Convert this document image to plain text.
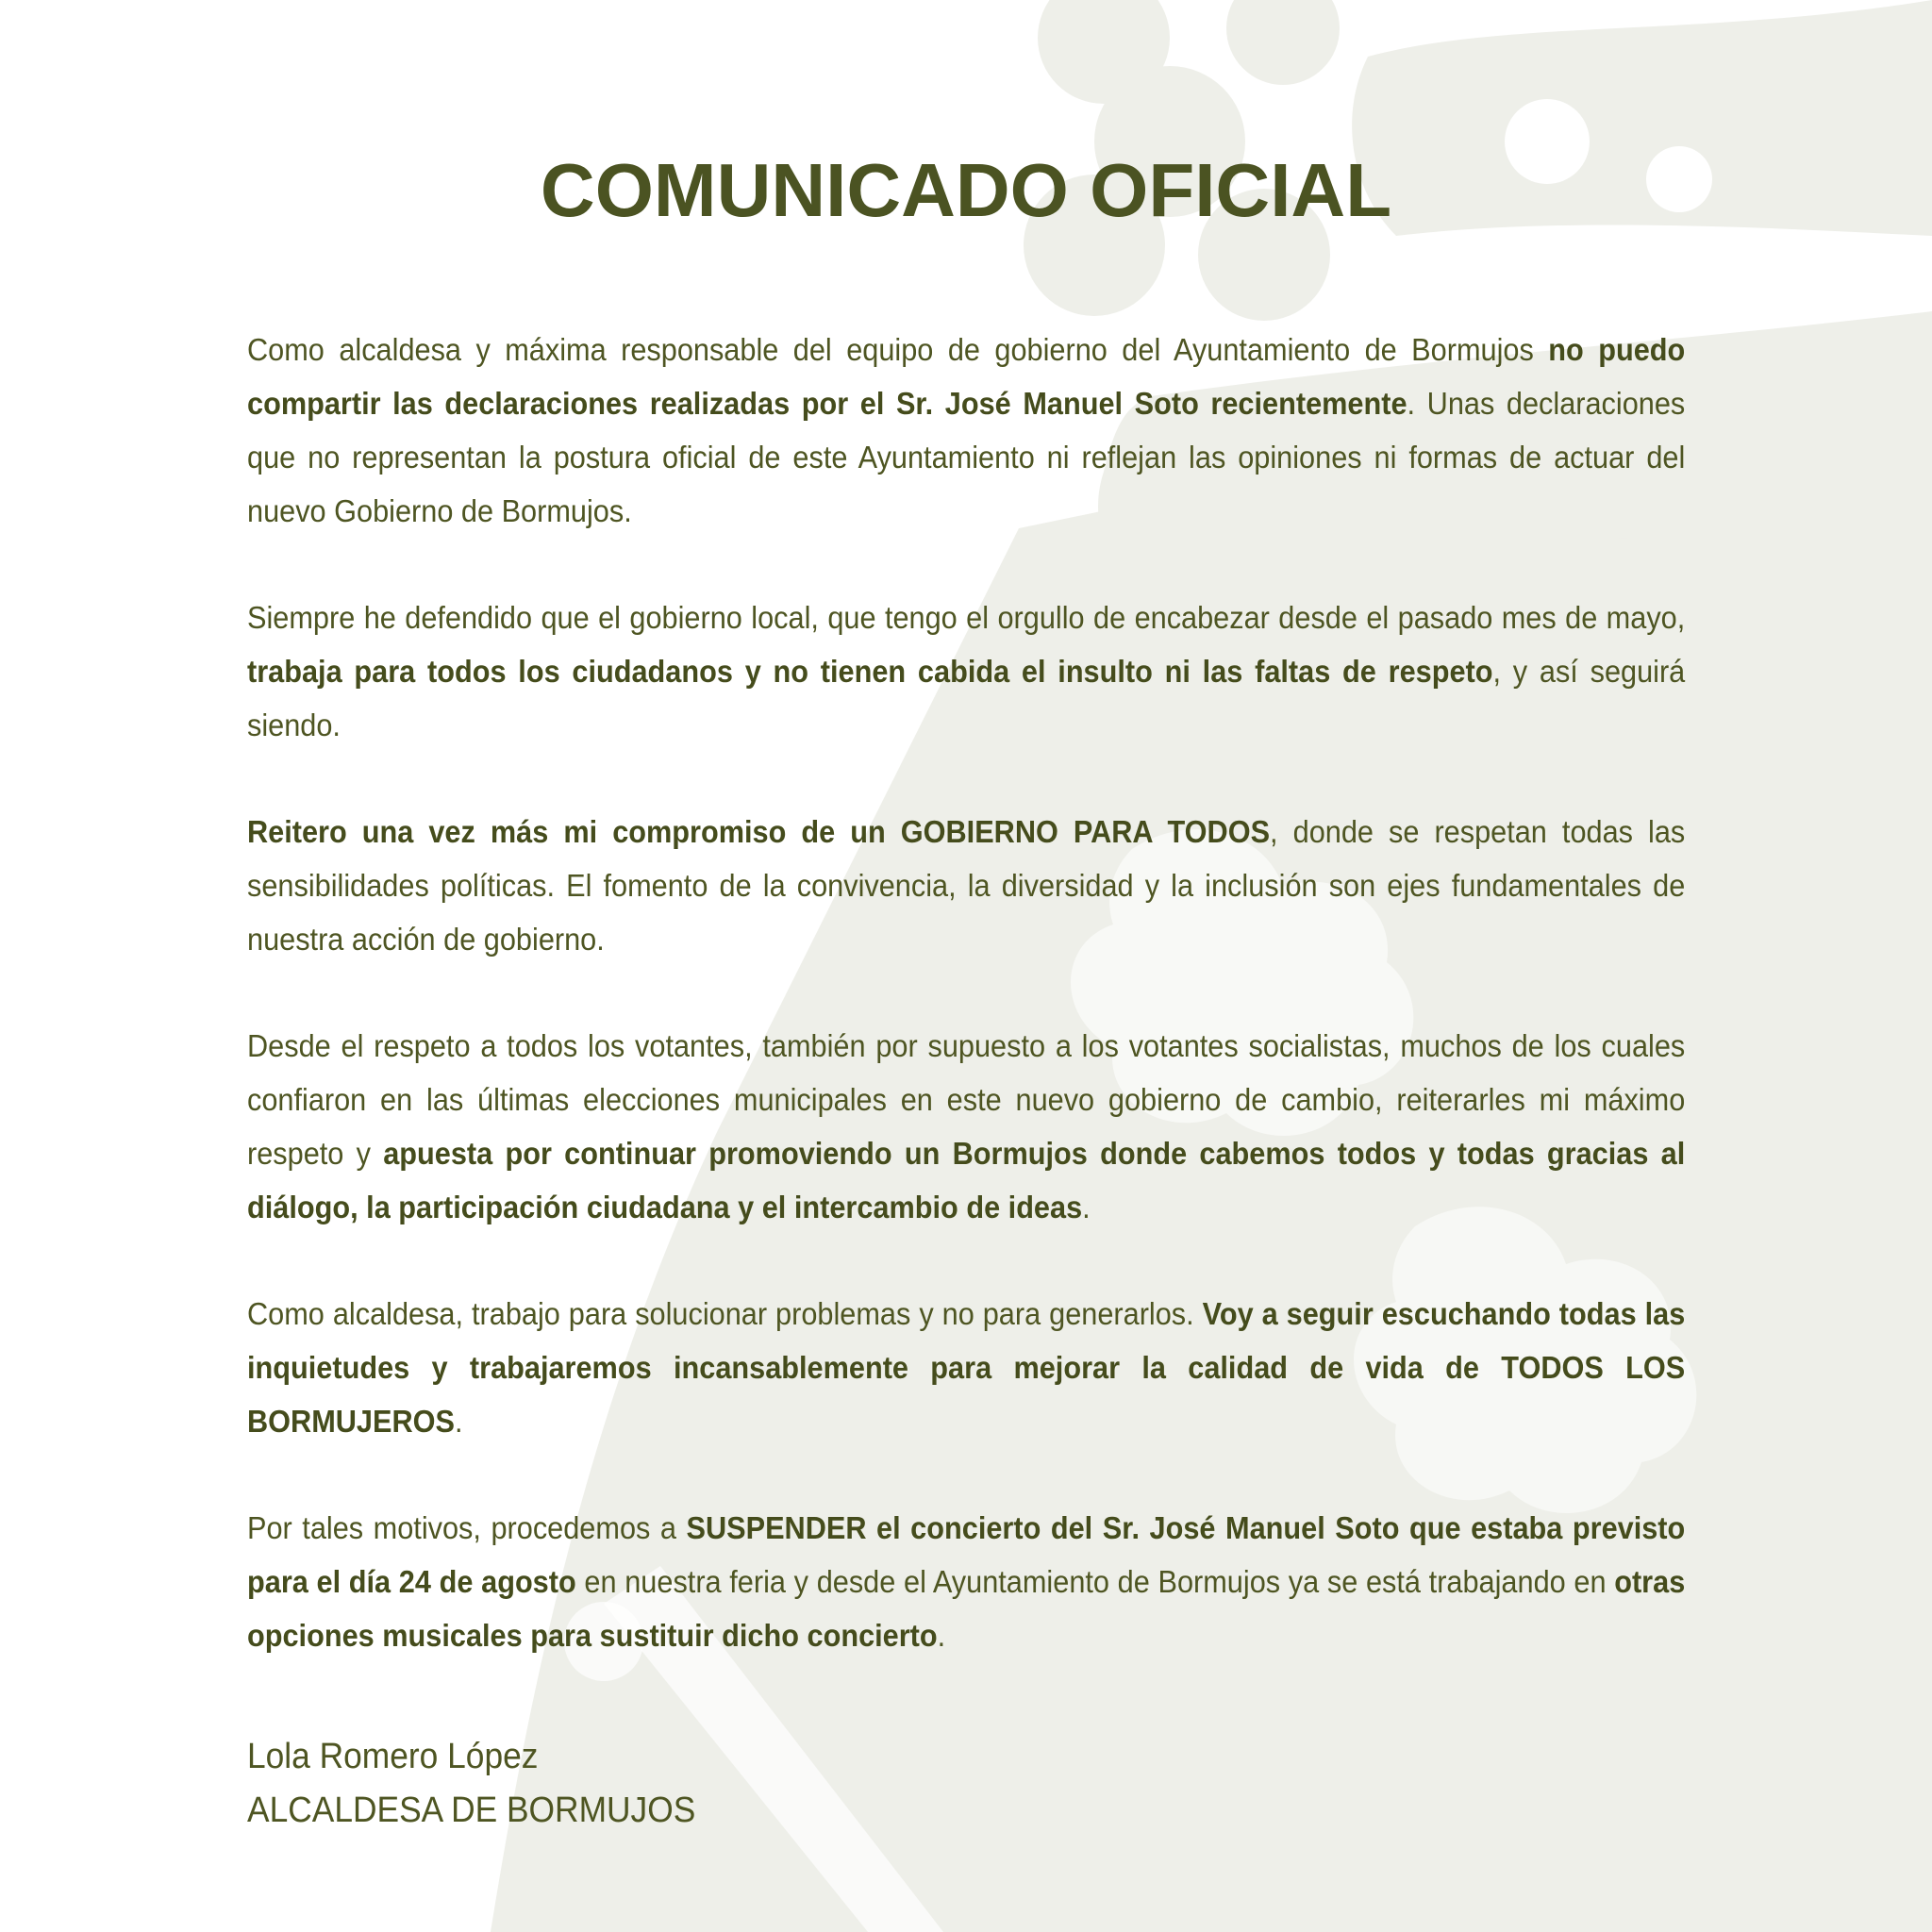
COMUNICADO OFICIAL

Como alcaldesa y máxima responsable del equipo de gobierno del Ayuntamiento de Bormujos no puedo compartir las declaraciones realizadas por el Sr. José Manuel Soto recientemente. Unas declaraciones que no representan la postura oficial de este Ayuntamiento ni reflejan las opiniones ni formas de actuar del nuevo Gobierno de Bormujos.

Siempre he defendido que el gobierno local, que tengo el orgullo de encabezar desde el pasado mes de mayo, trabaja para todos los ciudadanos y no tienen cabida el insulto ni las faltas de respeto, y así seguirá siendo.

Reitero una vez más mi compromiso de un GOBIERNO PARA TODOS, donde se respetan todas las sensibilidades políticas. El fomento de la convivencia, la diversidad y la inclusión son ejes fundamentales de nuestra acción de gobierno.

Desde el respeto a todos los votantes, también por supuesto a los votantes socialistas, muchos de los cuales confiaron en las últimas elecciones municipales en este nuevo gobierno de cambio, reiterarles mi máximo respeto y apuesta por continuar promoviendo un Bormujos donde cabemos todos y todas gracias al diálogo, la participación ciudadana y el intercambio de ideas.

Como alcaldesa, trabajo para solucionar problemas y no para generarlos. Voy a seguir escuchando todas las inquietudes y trabajaremos incansablemente para mejorar la calidad de vida de TODOS LOS BORMUJEROS.

Por tales motivos, procedemos a SUSPENDER el concierto del Sr. José Manuel Soto que estaba previsto para el día 24 de agosto en nuestra feria y desde el Ayuntamiento de Bormujos ya se está trabajando en otras opciones musicales para sustituir dicho concierto.

Lola Romero López
ALCALDESA DE BORMUJOS
